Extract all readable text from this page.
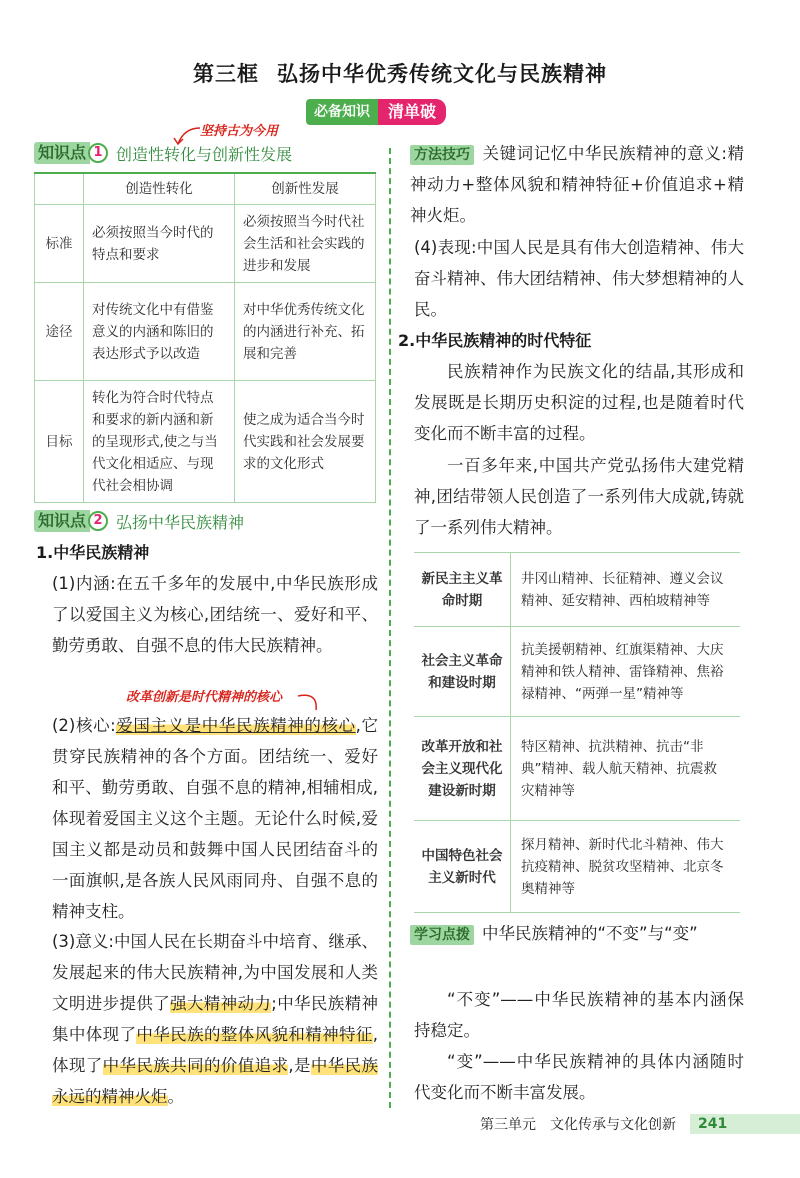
第三框 弘扬中华优秀传统文化与民族精神
必备知识	清单破
坚持古为今用
知识点 1 创造性转化与创新性发展
	创造性转化	创新性发展
标准	必须按照当今时代的特点和要求	必须按照当今时代社会生活和社会实践的进步和发展
途径	对传统文化中有借鉴意义的内涵和陈旧的表达形式予以改造	对中华优秀传统文化的内涵进行补充、拓展和完善
目标	转化为符合时代特点和要求的新内涵和新的呈现形式,使之与当代文化相适应、与现代社会相协调	使之成为适合当今时代实践和社会发展要求的文化形式
知识点 2 弘扬中华民族精神
1.中华民族精神
(1)内涵:在五千多年的发展中,中华民族形成了以爱国主义为核心,团结统一、爱好和平、勤劳勇敢、自强不息的伟大民族精神。
改革创新是时代精神的核心
(2)核心:爱国主义是中华民族精神的核心,它贯穿民族精神的各个方面。团结统一、爱好和平、勤劳勇敢、自强不息的精神,相辅相成,体现着爱国主义这个主题。无论什么时候,爱国主义都是动员和鼓舞中国人民团结奋斗的一面旗帜,是各族人民风雨同舟、自强不息的精神支柱。
(3)意义:中国人民在长期奋斗中培育、继承、发展起来的伟大民族精神,为中国发展和人类文明进步提供了强大精神动力;中华民族精神集中体现了中华民族的整体风貌和精神特征,体现了中华民族共同的价值追求,是中华民族永远的精神火炬。
方法技巧 关键词记忆中华民族精神的意义:精神动力+整体风貌和精神特征+价值追求+精神火炬。
(4)表现:中国人民是具有伟大创造精神、伟大奋斗精神、伟大团结精神、伟大梦想精神的人民。
2.中华民族精神的时代特征
民族精神作为民族文化的结晶,其形成和发展既是长期历史积淀的过程,也是随着时代变化而不断丰富的过程。
一百多年来,中国共产党弘扬伟大建党精神,团结带领人民创造了一系列伟大成就,铸就了一系列伟大精神。
新民主主义革命时期	井冈山精神、长征精神、遵义会议精神、延安精神、西柏坡精神等
社会主义革命和建设时期	抗美援朝精神、红旗渠精神、大庆精神和铁人精神、雷锋精神、焦裕禄精神、“两弹一星”精神等
改革开放和社会主义现代化建设新时期	特区精神、抗洪精神、抗击“非典”精神、载人航天精神、抗震救灾精神等
中国特色社会主义新时代	探月精神、新时代北斗精神、伟大抗疫精神、脱贫攻坚精神、北京冬奥精神等
学习点拨 中华民族精神的“不变”与“变”
“不变”——中华民族精神的基本内涵保持稳定。
“变”——中华民族精神的具体内涵随时代变化而不断丰富发展。
第三单元 文化传承与文化创新	241
